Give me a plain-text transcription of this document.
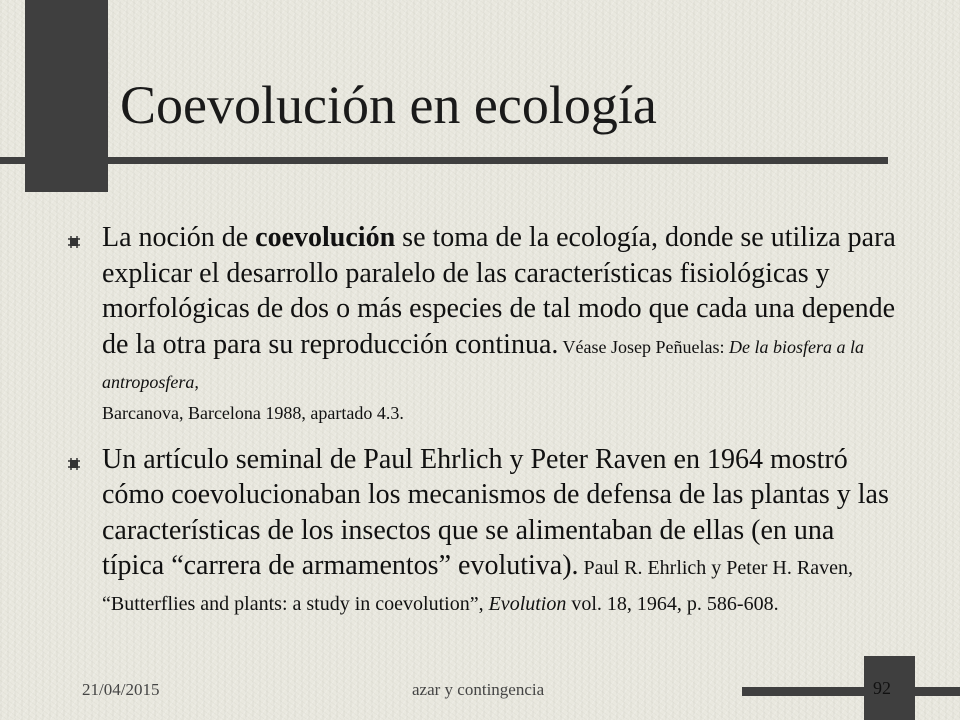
Coevolución en ecología
La noción de coevolución se toma de la ecología, donde se utiliza para explicar el desarrollo paralelo de las características fisiológicas y morfológicas de dos o más especies de tal modo que cada una depende de la otra para su reproducción continua. Véase Josep Peñuelas: De la biosfera a la antroposfera,
Barcanova, Barcelona 1988, apartado 4.3.
Un artículo seminal de Paul Ehrlich y Peter Raven en 1964 mostró cómo coevolucionaban los mecanismos de defensa de las plantas y las características de los insectos que se alimentaban de ellas (en una típica “carrera de armamentos” evolutiva). Paul R. Ehrlich y Peter H. Raven, “Butterflies and plants: a study in coevolution”, Evolution vol. 18, 1964, p. 586-608.
21/04/2015	azar y contingencia	92
